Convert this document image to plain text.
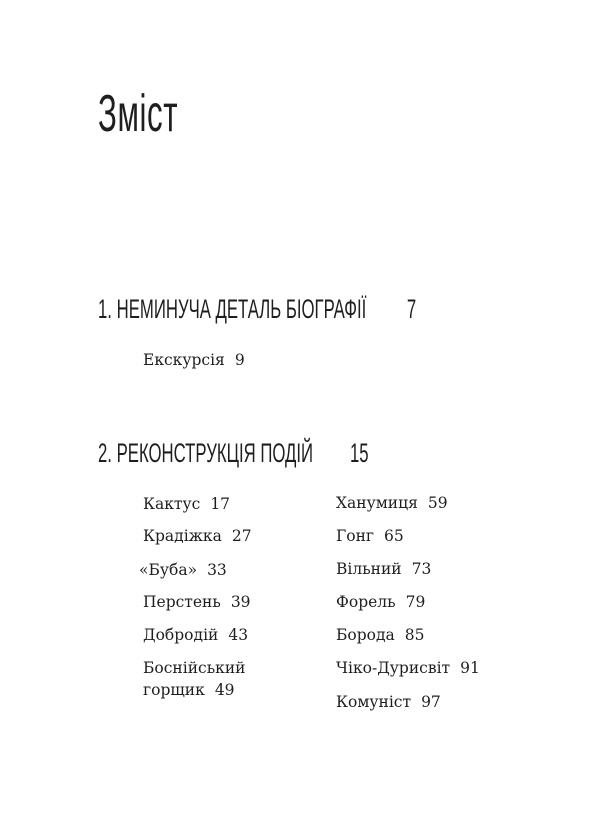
Зміст
1. НЕМИНУЧА ДЕТАЛЬ БІОГРАФІЇ 7
Екскурсія 9
2. РЕКОНСТРУКЦІЯ ПОДІЙ 15
Кактус 17
Крадіжка 27
«Буба» 33
Перстень 39
Добродій 43
Боснійський
горщик 49
Ханумиця 59
Гонг 65
Вільний 73
Форель 79
Борода 85
Чіко-Дурисвіт 91
Комуніст 97
